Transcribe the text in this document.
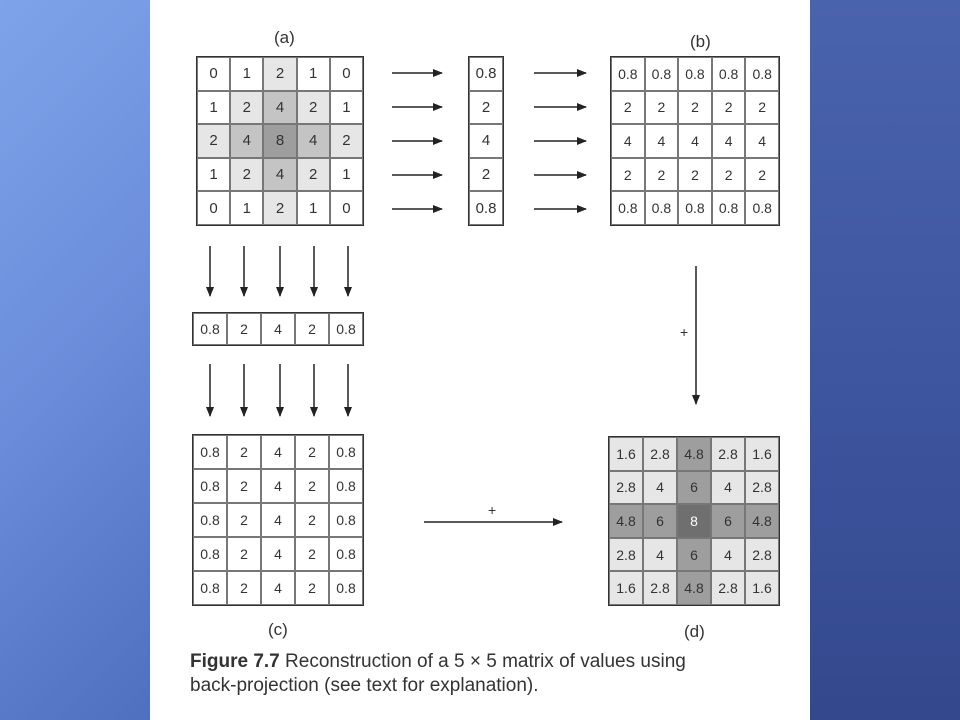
(a)	(b)
(c)	(d)
0	1	2	1	0
1	2	4	2	1
2	4	8	4	2
1	2	4	2	1
0	1	2	1	0
0.8
2
4
2
0.8
0.8	0.8	0.8	0.8	0.8
2	2	2	2	2
4	4	4	4	4
2	2	2	2	2
0.8	0.8	0.8	0.8	0.8
0.8	2	4	2	0.8
0.8	2	4	2	0.8
0.8	2	4	2	0.8
0.8	2	4	2	0.8
0.8	2	4	2	0.8
0.8	2	4	2	0.8
1.6	2.8	4.8	2.8	1.6
2.8	4	6	4	2.8
4.8	6	8	6	4.8
2.8	4	6	4	2.8
1.6	2.8	4.8	2.8	1.6
+
+
Figure 7.7 Reconstruction of a 5 × 5 matrix of values using
back-projection (see text for explanation).
